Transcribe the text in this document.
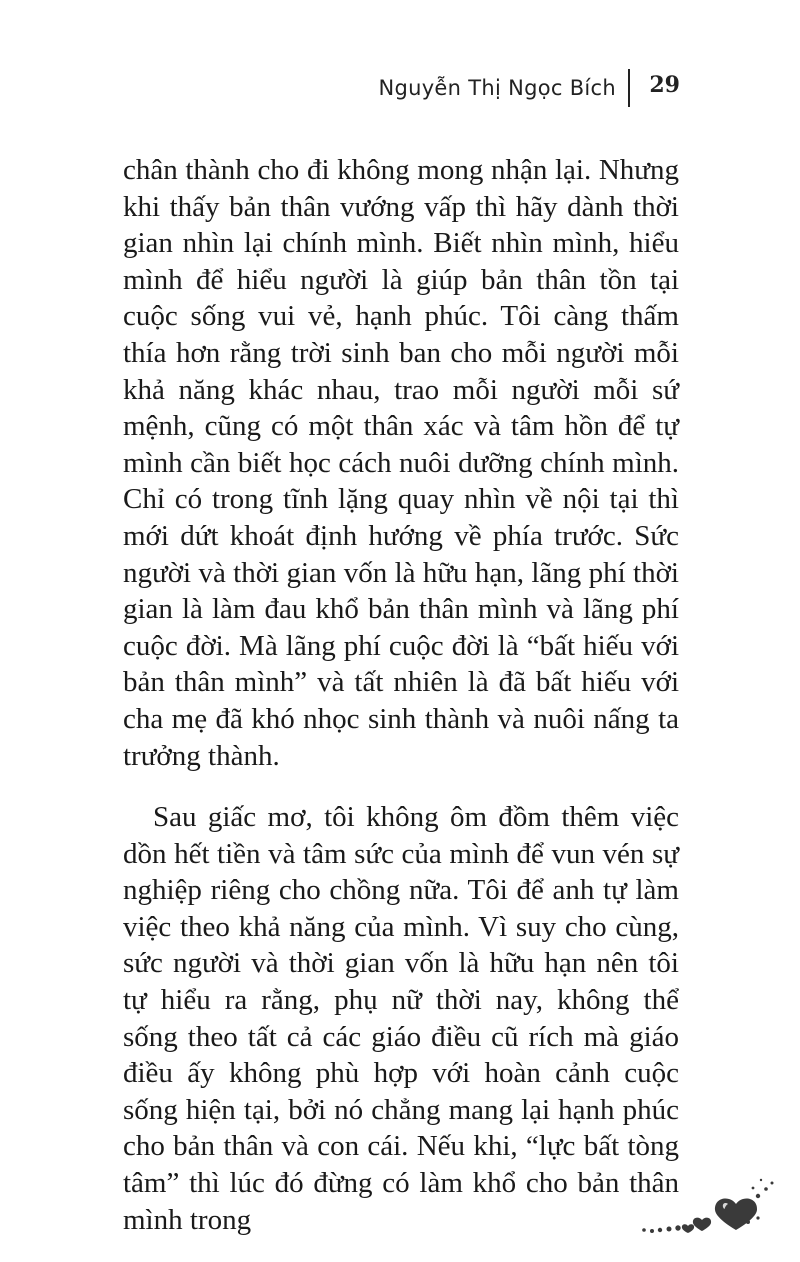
Nguyễn Thị Ngọc Bích 29

chân thành cho đi không mong nhận lại. Nhưng khi thấy bản thân vướng vấp thì hãy dành thời gian nhìn lại chính mình. Biết nhìn mình, hiểu mình để hiểu người là giúp bản thân tồn tại cuộc sống vui vẻ, hạnh phúc. Tôi càng thấm thía hơn rằng trời sinh ban cho mỗi người mỗi khả năng khác nhau, trao mỗi người mỗi sứ mệnh, cũng có một thân xác và tâm hồn để tự mình cần biết học cách nuôi dưỡng chính mình. Chỉ có trong tĩnh lặng quay nhìn về nội tại thì mới dứt khoát định hướng về phía trước. Sức người và thời gian vốn là hữu hạn, lãng phí thời gian là làm đau khổ bản thân mình và lãng phí cuộc đời. Mà lãng phí cuộc đời là “bất hiếu với bản thân mình” và tất nhiên là đã bất hiếu với cha mẹ đã khó nhọc sinh thành và nuôi nấng ta trưởng thành.

Sau giấc mơ, tôi không ôm đồm thêm việc dồn hết tiền và tâm sức của mình để vun vén sự nghiệp riêng cho chồng nữa. Tôi để anh tự làm việc theo khả năng của mình. Vì suy cho cùng, sức người và thời gian vốn là hữu hạn nên tôi tự hiểu ra rằng, phụ nữ thời nay, không thể sống theo tất cả các giáo điều cũ rích mà giáo điều ấy không phù hợp với hoàn cảnh cuộc sống hiện tại, bởi nó chẳng mang lại hạnh phúc cho bản thân và con cái. Nếu khi, “lực bất tòng tâm” thì lúc đó đừng có làm khổ cho bản thân mình trong
